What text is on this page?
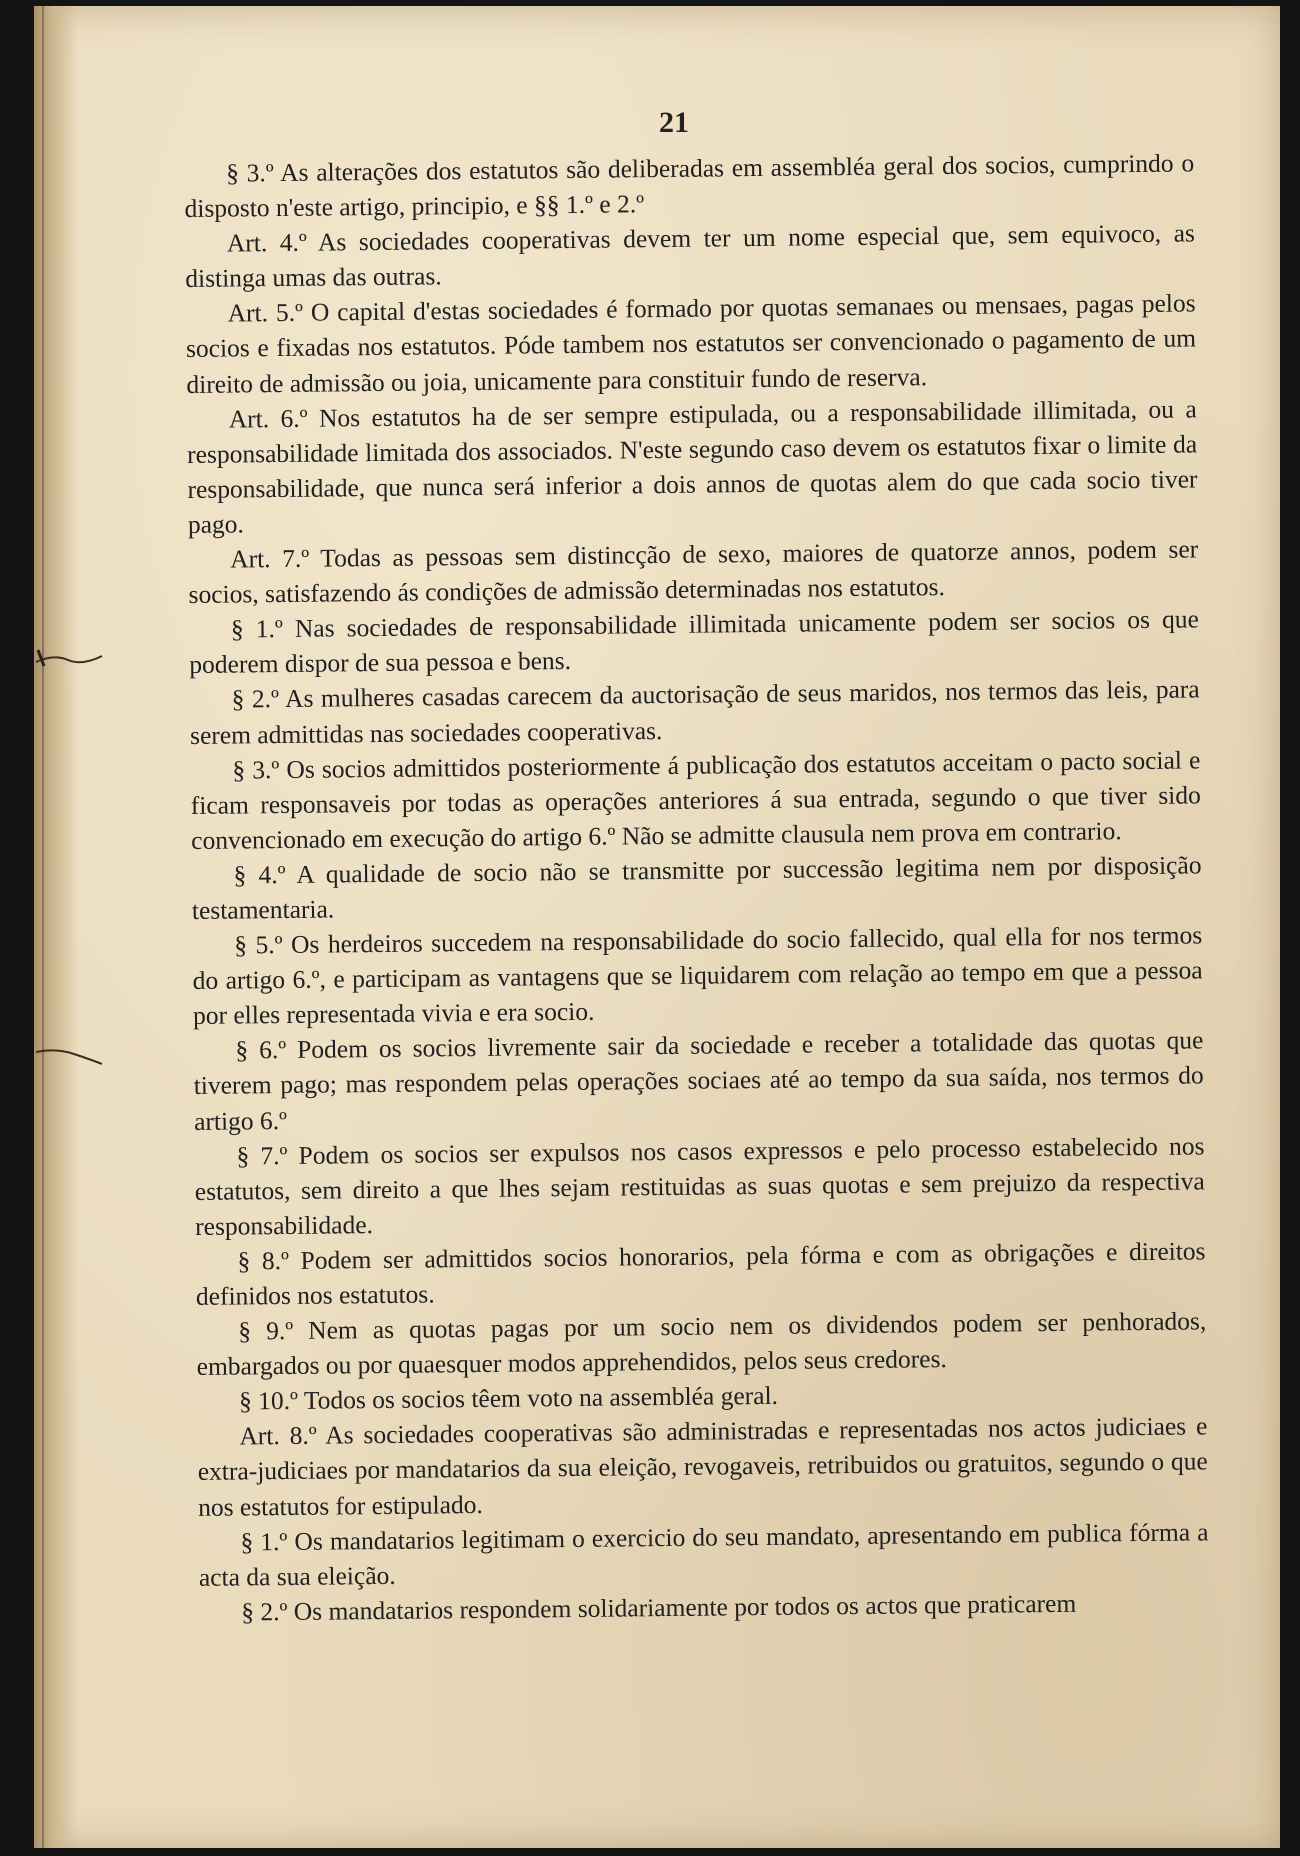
21

§ 3.º As alterações dos estatutos são deliberadas em assembléa geral dos socios, cumprindo o disposto n'este artigo, principio, e §§ 1.º e 2.º

Art. 4.º As sociedades cooperativas devem ter um nome especial que, sem equivoco, as distinga umas das outras.

Art. 5.º O capital d'estas sociedades é formado por quotas semanaes ou mensaes, pagas pelos socios e fixadas nos estatutos. Póde tambem nos estatutos ser convencionado o pagamento de um direito de admissão ou joia, unicamente para constituir fundo de reserva.

Art. 6.º Nos estatutos ha de ser sempre estipulada, ou a responsabilidade illimitada, ou a responsabilidade limitada dos associados. N'este segundo caso devem os estatutos fixar o limite da responsabilidade, que nunca será inferior a dois annos de quotas alem do que cada socio tiver pago.

Art. 7.º Todas as pessoas sem distincção de sexo, maiores de quatorze annos, podem ser socios, satisfazendo ás condições de admissão determinadas nos estatutos.

§ 1.º Nas sociedades de responsabilidade illimitada unicamente podem ser socios os que poderem dispor de sua pessoa e bens.

§ 2.º As mulheres casadas carecem da auctorisação de seus maridos, nos termos das leis, para serem admittidas nas sociedades cooperativas.

§ 3.º Os socios admittidos posteriormente á publicação dos estatutos acceitam o pacto social e ficam responsaveis por todas as operações anteriores á sua entrada, segundo o que tiver sido convencionado em execução do artigo 6.º Não se admitte clausula nem prova em contrario.

§ 4.º A qualidade de socio não se transmitte por successão legitima nem por disposição testamentaria.

§ 5.º Os herdeiros succedem na responsabilidade do socio fallecido, qual ella for nos termos do artigo 6.º, e participam as vantagens que se liquidarem com relação ao tempo em que a pessoa por elles representada vivia e era socio.

§ 6.º Podem os socios livremente sair da sociedade e receber a totalidade das quotas que tiverem pago; mas respondem pelas operações sociaes até ao tempo da sua saída, nos termos do artigo 6.º

§ 7.º Podem os socios ser expulsos nos casos expressos e pelo processo estabelecido nos estatutos, sem direito a que lhes sejam restituidas as suas quotas e sem prejuizo da respectiva responsabilidade.

§ 8.º Podem ser admittidos socios honorarios, pela fórma e com as obrigações e direitos definidos nos estatutos.

§ 9.º Nem as quotas pagas por um socio nem os dividendos podem ser penhorados, embargados ou por quaesquer modos apprehendidos, pelos seus credores.

§ 10.º Todos os socios têem voto na assembléa geral.

Art. 8.º As sociedades cooperativas são administradas e representadas nos actos judiciaes e extra-judiciaes por mandatarios da sua eleição, revogaveis, retribuidos ou gratuitos, segundo o que nos estatutos for estipulado.

§ 1.º Os mandatarios legitimam o exercicio do seu mandato, apresentando em publica fórma a acta da sua eleição.

§ 2.º Os mandatarios respondem solidariamente por todos os actos que praticarem
